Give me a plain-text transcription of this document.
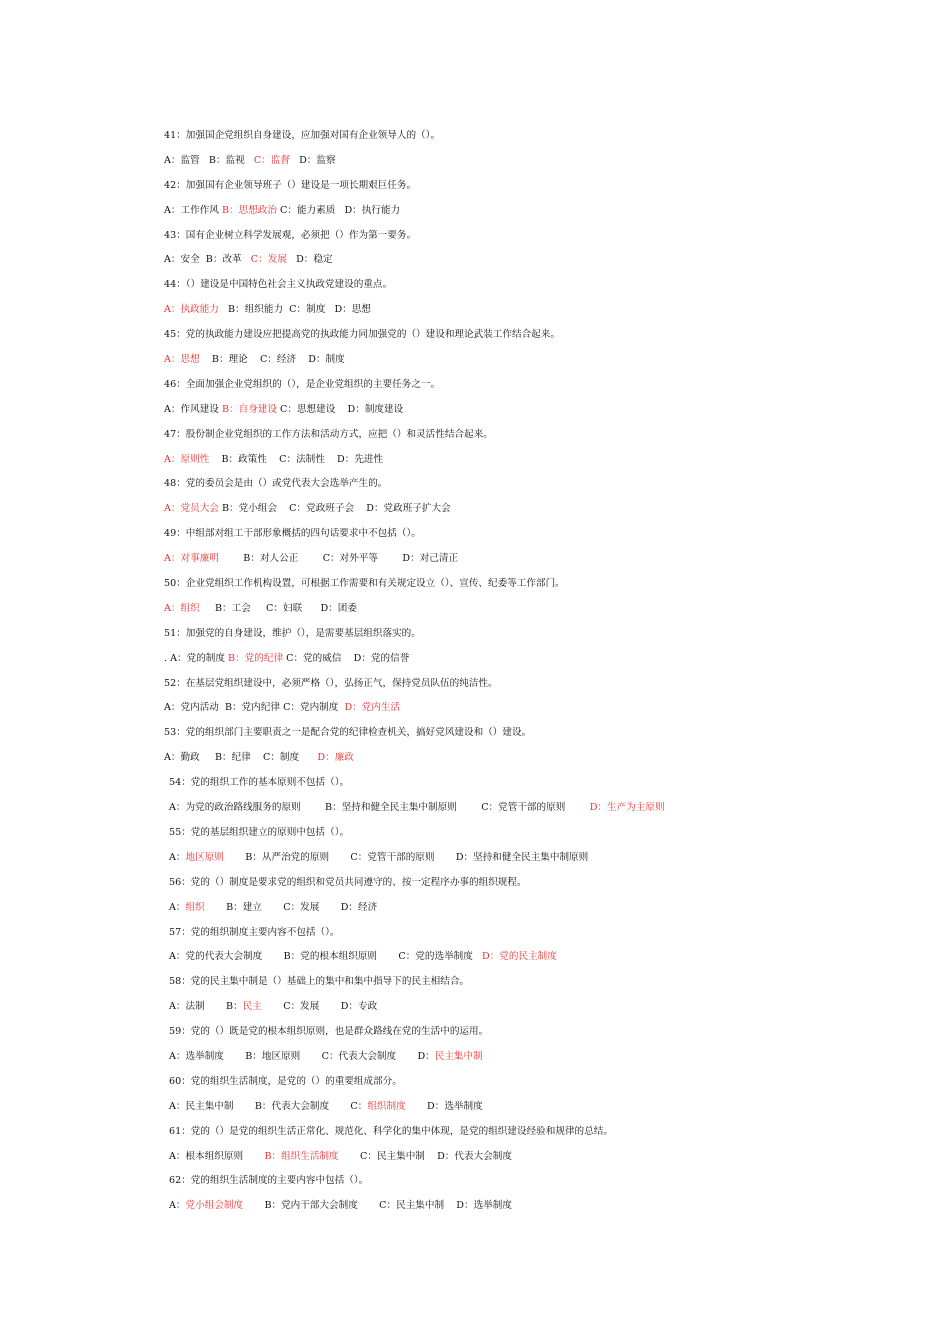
41：加强国企党组织自身建设，应加强对国有企业领导人的（）。
A：监管   B：监视   C：监督   D：监察
42：加强国有企业领导班子（）建设是一项长期艰巨任务。
A：工作作风 B：思想政治 C：能力素质   D：执行能力
43：国有企业树立科学发展观，必须把（）作为第一要务。
A：安全  B：改革   C：发展   D：稳定
44：（）建设是中国特色社会主义执政党建设的重点。
A：执政能力   B：组织能力  C：制度   D：思想
45：党的执政能力建设应把提高党的执政能力同加强党的（）建设和理论武装工作结合起来。
A：思想    B：理论    C：经济    D：制度
46：全面加强企业党组织的（），是企业党组织的主要任务之一。
A：作风建设 B：自身建设 C：思想建设    D：制度建设
47：股份制企业党组织的工作方法和活动方式，应把（）和灵活性结合起来。
A：原则性    B：政策性    C：法制性    D：先进性
48：党的委员会是由（）或党代表大会选举产生的。
A：党员大会 B：党小组会    C：党政班子会    D：党政班子扩大会
49：中组部对组工干部形象概括的四句话要求中不包括（）。
A：对事廉明        B：对人公正        C：对外平等        D：对己清正
50：企业党组织工作机构设置，可根据工作需要和有关规定设立（）、宣传、纪委等工作部门。
A：组织     B：工会     C：妇联      D：团委
51：加强党的自身建设，维护（），是需要基层组织落实的。
. A：党的制度 B：党的纪律 C：党的威信    D：党的信誉
52：在基层党组织建设中，必须严格（），弘扬正气，保持党员队伍的纯洁性。
A：党内活动  B：党内纪律 C：党内制度  D：党内生活
53：党的组织部门主要职责之一是配合党的纪律检查机关，搞好党风建设和（）建设。
A：勤政     B：纪律    C：制度      D：廉政
54：党的组织工作的基本原则不包括（）。
A：为党的政治路线服务的原则        B：坚持和健全民主集中制原则        C：党管干部的原则        D：生产为主原则
55：党的基层组织建立的原则中包括（）。
A：地区原则       B：从严治党的原则       C：党管干部的原则       D：坚持和健全民主集中制原则
56：党的（）制度是要求党的组织和党员共同遵守的、按一定程序办事的组织规程。
A：组织       B：建立       C：发展       D：经济
57：党的组织制度主要内容不包括（）。
A：党的代表大会制度       B：党的根本组织原则       C：党的选举制度   D：党的民主制度
58：党的民主集中制是（）基础上的集中和集中指导下的民主相结合。
A：法制       B：民主       C：发展       D：专政
59：党的（）既是党的根本组织原则，也是群众路线在党的生活中的运用。
A：选举制度       B：地区原则       C：代表大会制度       D：民主集中制
60：党的组织生活制度，是党的（）的重要组成部分。
A：民主集中制       B：代表大会制度       C：组织制度       D：选举制度
61：党的（）是党的组织生活正常化、规范化、科学化的集中体现，是党的组织建设经验和规律的总结。
A：根本组织原则       B：组织生活制度       C：民主集中制    D：代表大会制度
62：党的组织生活制度的主要内容中包括（）。
A：党小组会制度       B：党内干部大会制度       C：民主集中制    D：选举制度
